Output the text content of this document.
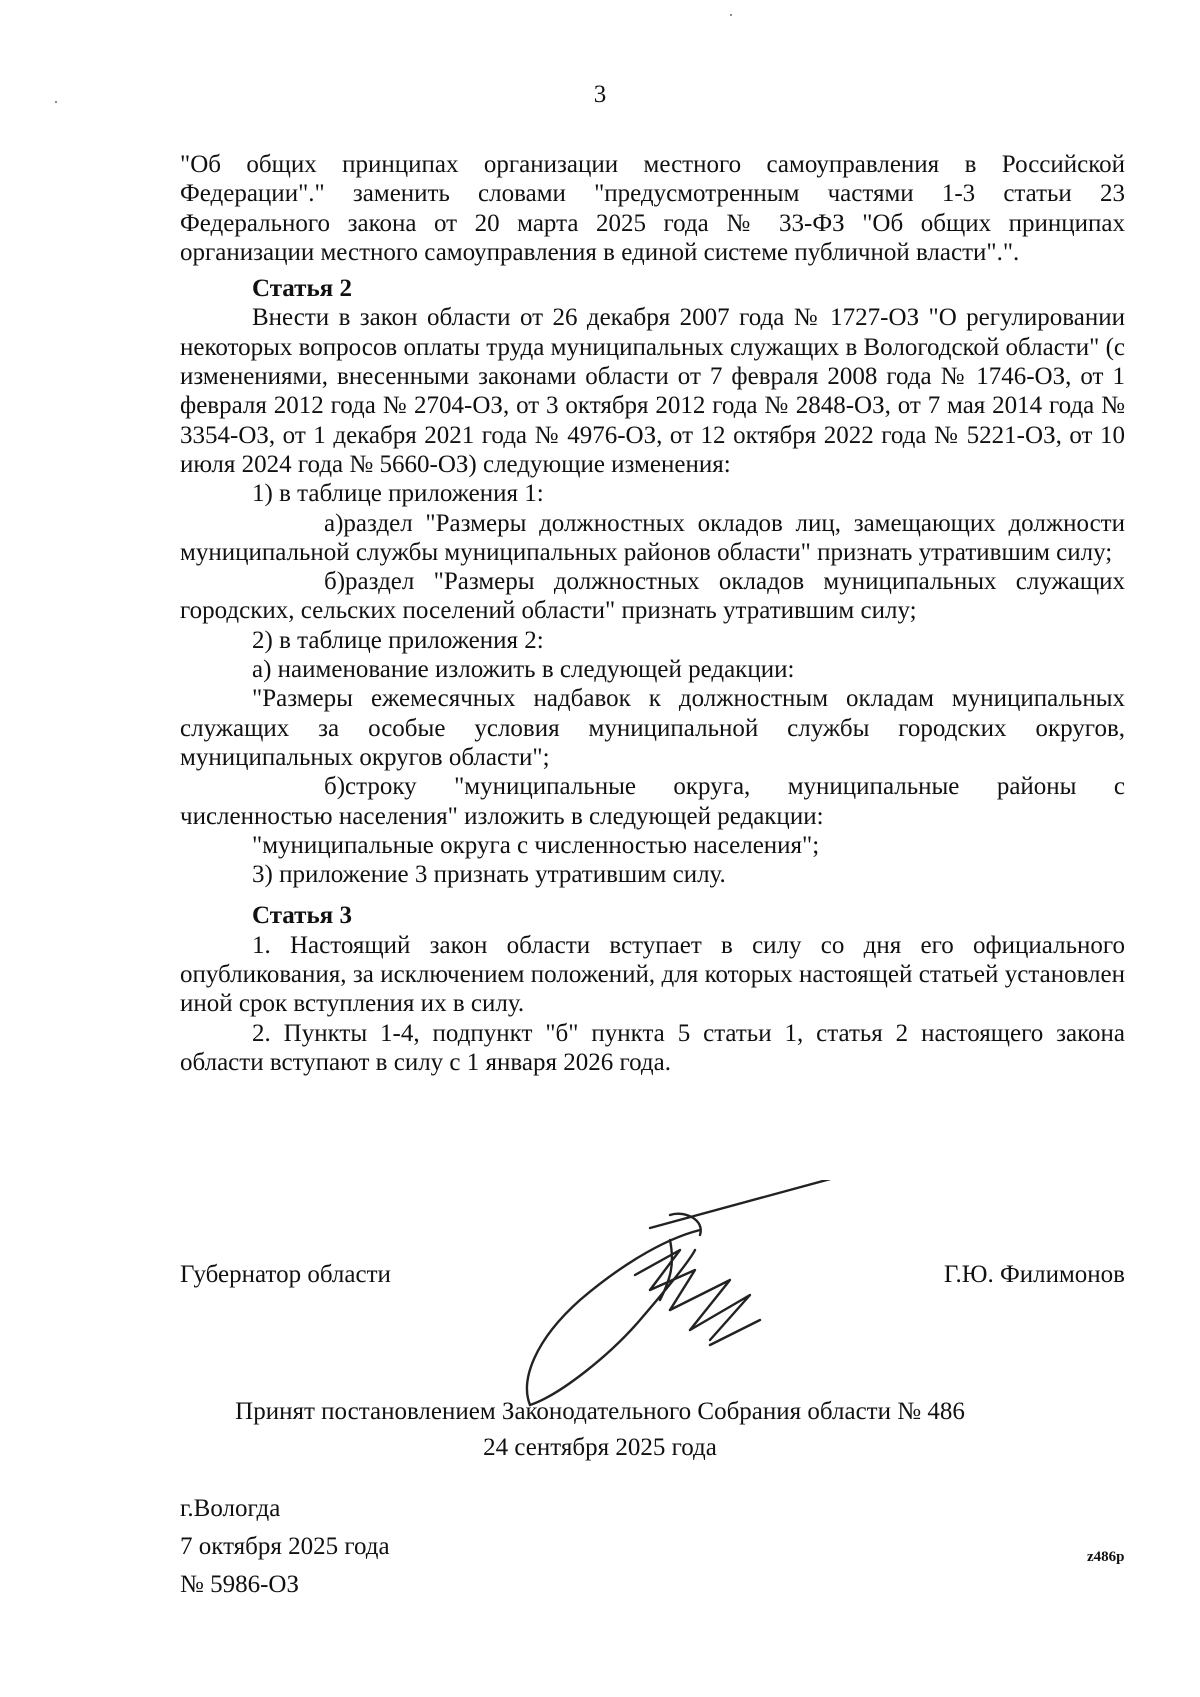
3

"Об общих принципах организации местного самоуправления в Российской Федерации"." заменить словами "предусмотренным частями 1-3 статьи 23 Федерального закона от 20 марта 2025 года № 33-ФЗ "Об общих принципах организации местного самоуправления в единой системе публичной власти".".

Статья 2

Внести в закон области от 26 декабря 2007 года № 1727-ОЗ "О регулировании некоторых вопросов оплаты труда муниципальных служащих в Вологодской области" (с изменениями, внесенными законами области от 7 февраля 2008 года № 1746-ОЗ, от 1 февраля 2012 года № 2704-ОЗ, от 3 октября 2012 года № 2848-ОЗ, от 7 мая 2014 года № 3354-ОЗ, от 1 декабря 2021 года № 4976-ОЗ, от 12 октября 2022 года № 5221-ОЗ, от 10 июля 2024 года № 5660-ОЗ) следующие изменения:

1) в таблице приложения 1:

а)раздел "Размеры должностных окладов лиц, замещающих должности муниципальной службы муниципальных районов области" признать утратившим силу;

б)раздел "Размеры должностных окладов муниципальных служащих городских, сельских поселений области" признать утратившим силу;

2) в таблице приложения 2:

а) наименование изложить в следующей редакции:

"Размеры ежемесячных надбавок к должностным окладам муниципальных служащих за особые условия муниципальной службы городских округов, муниципальных округов области";

б)строку "муниципальные округа, муниципальные районы с численностью населения" изложить в следующей редакции:

"муниципальные округа с численностью населения";

3) приложение 3 признать утратившим силу.

Статья 3

1. Настоящий закон области вступает в силу со дня его официального опубликования, за исключением положений, для которых настоящей статьей установлен иной срок вступления их в силу.

2. Пункты 1-4, подпункт "б" пункта 5 статьи 1, статья 2 настоящего закона области вступают в силу с 1 января 2026 года.

Губернатор области	Г.Ю. Филимонов
Принят постановлением Законодательного Собрания области № 486
24 сентября 2025 года
г.Вологда
7 октября 2025 года
№ 5986-ОЗ
z486p
